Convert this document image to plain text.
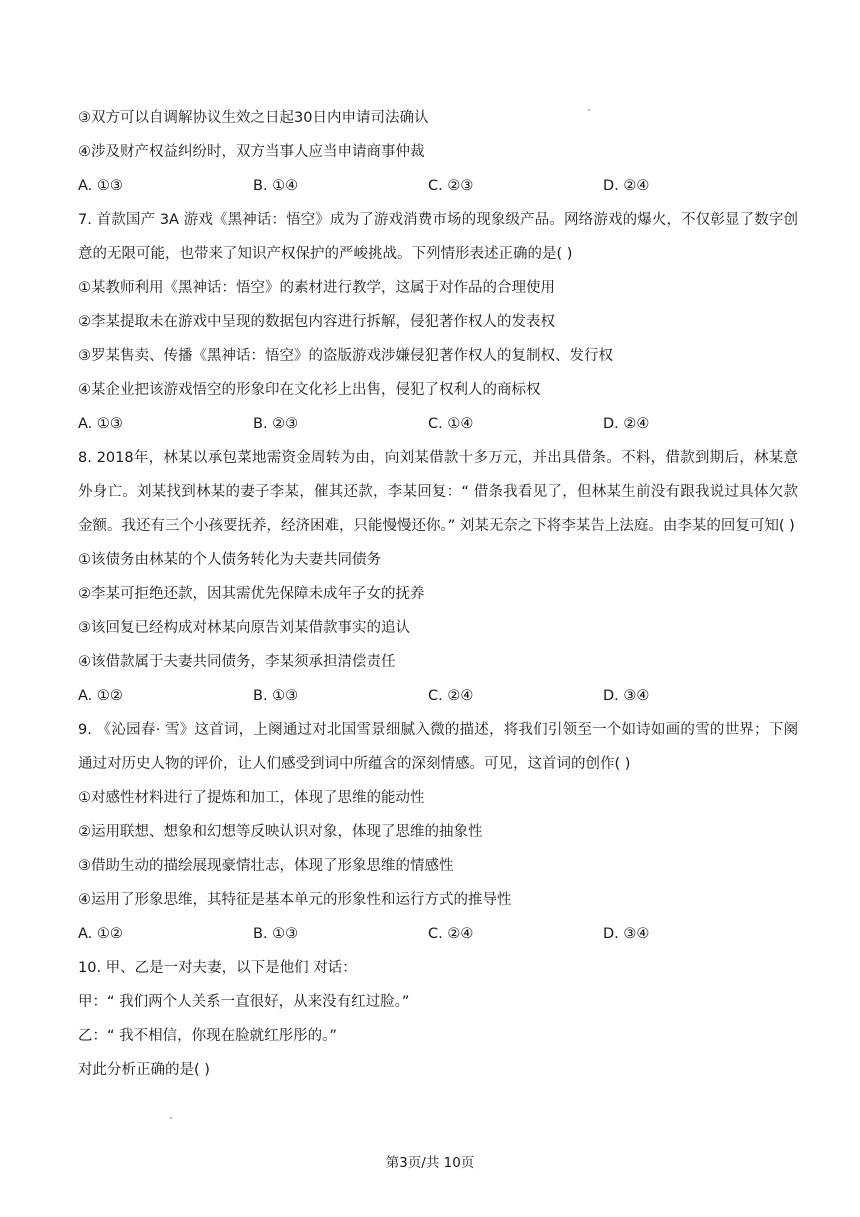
③双方可以自调解协议生效之日起30日内申请司法确认

④涉及财产权益纠纷时，双方当事人应当申请商事仲裁

A. ①③	B. ①④	C. ②③	D. ②④

7. 首款国产 3A 游戏《黑神话：悟空》成为了游戏消费市场的现象级产品。网络游戏的爆火，不仅彰显了数字创意的无限可能，也带来了知识产权保护的严峻挑战。下列情形表述正确的是( )

①某教师利用《黑神话：悟空》的素材进行教学，这属于对作品的合理使用

②李某提取未在游戏中呈现的数据包内容进行拆解，侵犯著作权人的发表权

③罗某售卖、传播《黑神话：悟空》的盗版游戏涉嫌侵犯著作权人的复制权、发行权

④某企业把该游戏悟空的形象印在文化衫上出售，侵犯了权利人的商标权

A. ①③	B. ②③	C. ①④	D. ②④

8. 2018年，林某以承包菜地需资金周转为由，向刘某借款十多万元，并出具借条。不料，借款到期后，林某意外身亡。刘某找到林某的妻子李某，催其还款，李某回复：“ 借条我看见了，但林某生前没有跟我说过具体欠款金额。我还有三个小孩要抚养，经济困难，只能慢慢还你。” 刘某无奈之下将李某告上法庭。由李某的回复可知( )

①该债务由林某的个人债务转化为夫妻共同债务

②李某可拒绝还款，因其需优先保障未成年子女的抚养

③该回复已经构成对林某向原告刘某借款事实的追认

④该借款属于夫妻共同债务，李某须承担清偿责任

A. ①②	B. ①③	C. ②④	D. ③④

9. 《沁园春· 雪》这首词，上阕通过对北国雪景细腻入微的描述，将我们引领至一个如诗如画的雪的世界；下阕通过对历史人物的评价，让人们感受到词中所蕴含的深刻情感。可见，这首词的创作( )

①对感性材料进行了提炼和加工，体现了思维的能动性

②运用联想、想象和幻想等反映认识对象，体现了思维的抽象性

③借助生动的描绘展现豪情壮志，体现了形象思维的情感性

④运用了形象思维，其特征是基本单元的形象性和运行方式的推导性

A. ①②	B. ①③	C. ②④	D. ③④

10. 甲、乙是一对夫妻，以下是他们 对话：

甲：“ 我们两个人关系一直很好，从来没有红过脸。”

乙：“ 我不相信，你现在脸就红彤彤的。”

对此分析正确的是( )

第3页/共 10页
